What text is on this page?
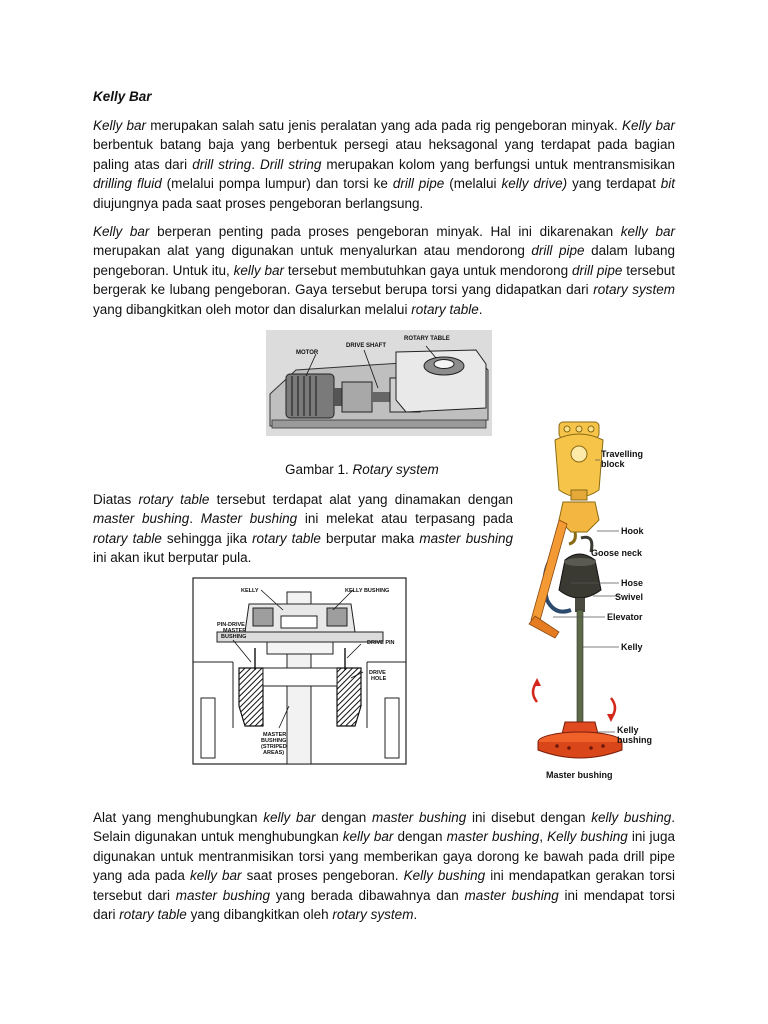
Kelly Bar

Kelly bar merupakan salah satu jenis peralatan yang ada pada rig pengeboran minyak. Kelly bar berbentuk batang baja yang berbentuk persegi atau heksagonal yang terdapat pada bagian paling atas dari drill string. Drill string merupakan kolom yang berfungsi untuk mentransmisikan drilling fluid (melalui pompa lumpur) dan torsi ke drill pipe (melalui kelly drive) yang terdapat bit diujungnya pada saat proses pengeboran berlangsung.

Kelly bar berperan penting pada proses pengeboran minyak. Hal ini dikarenakan kelly bar merupakan alat yang digunakan untuk menyalurkan atau mendorong drill pipe dalam lubang pengeboran. Untuk itu, kelly bar tersebut membutuhkan gaya untuk mendorong drill pipe tersebut bergerak ke lubang pengeboran. Gaya tersebut berupa torsi yang didapatkan dari rotary system yang dibangkitkan oleh motor dan disalurkan melalui rotary table.

MOTOR
DRIVE SHAFT
ROTARY TABLE
Gambar 1. Rotary system

Diatas rotary table tersebut terdapat alat yang dinamakan dengan master bushing. Master bushing ini melekat atau terpasang pada rotary table sehingga jika rotary table berputar maka master bushing ini akan ikut berputar pula.

KELLY	KELLY BUSHING
PIN-DRIVE
MASTER
BUSHING
DRIVE PIN
DRIVE
HOLE
MASTER
BUSHING
(STRIPED
AREAS)
Travelling
block
Hook
Goose neck
Hose
Swivel
Elevator
Kelly
Kelly
bushing
Master bushing

Alat yang menghubungkan kelly bar dengan master bushing ini disebut dengan kelly bushing. Selain digunakan untuk menghubungkan kelly bar dengan master bushing, Kelly bushing ini juga digunakan untuk mentranmisikan torsi yang memberikan gaya dorong ke bawah pada drill pipe yang ada pada kelly bar saat proses pengeboran. Kelly bushing ini mendapatkan gerakan torsi tersebut dari master bushing yang berada dibawahnya dan master bushing ini mendapat torsi dari rotary table yang dibangkitkan oleh rotary system.
